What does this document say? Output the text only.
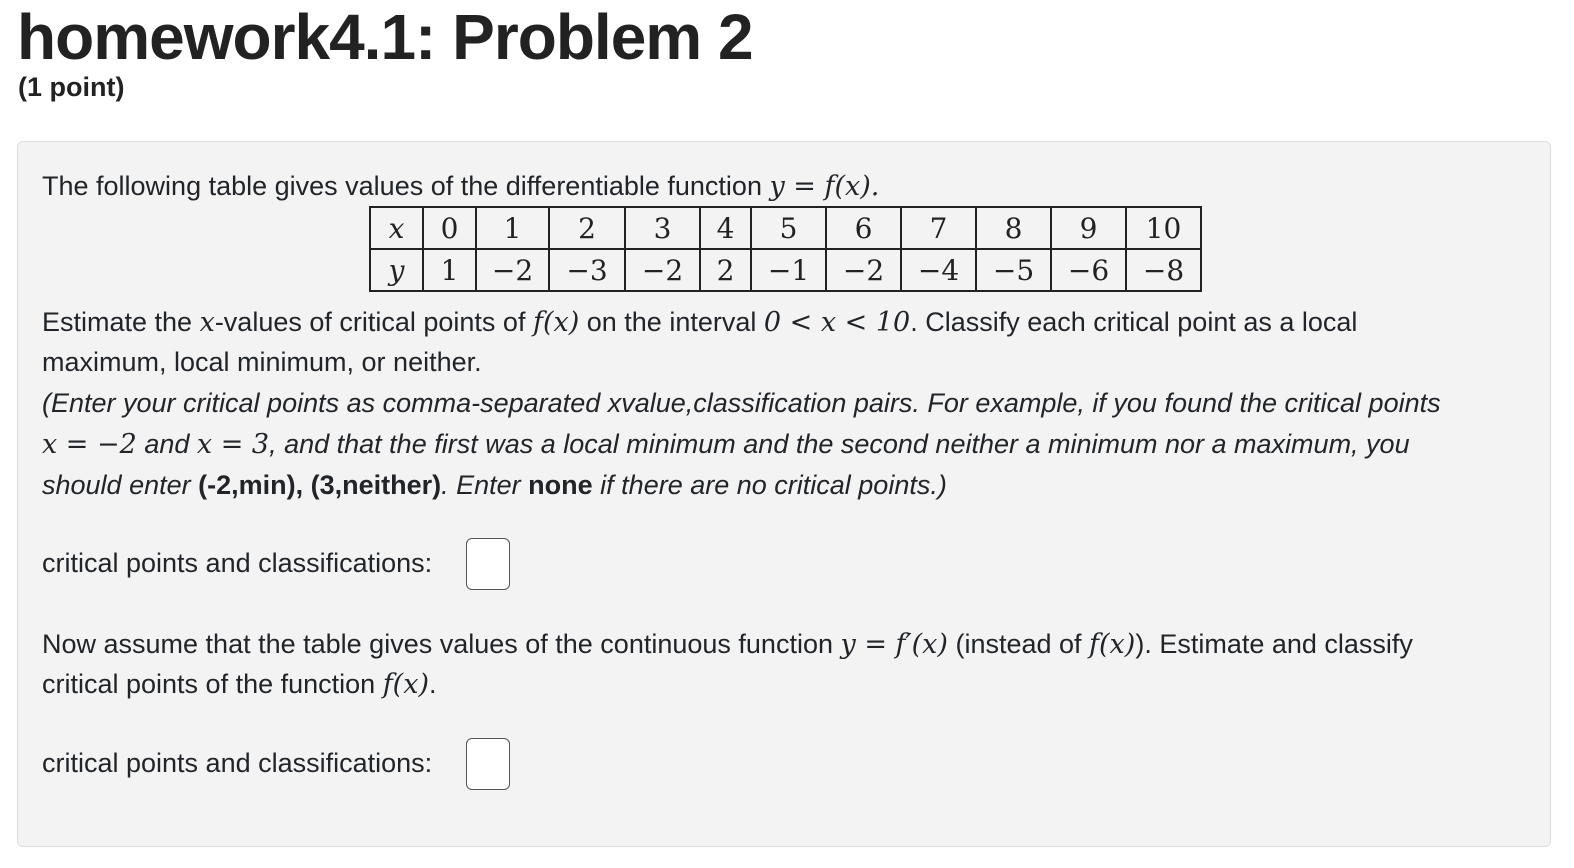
homework4.1: Problem 2
(1 point)
The following table gives values of the differentiable function y = f(x).
x	0	1	2	3	4	5	6	7	8	9	10
y	1	−2	−3	−2	2	−1	−2	−4	−5	−6	−8
Estimate the x-values of critical points of f(x) on the interval 0 < x < 10. Classify each critical point as a local
maximum, local minimum, or neither.
(Enter your critical points as comma-separated xvalue,classification pairs. For example, if you found the critical points
x = −2 and x = 3, and that the first was a local minimum and the second neither a minimum nor a maximum, you
should enter (-2,min), (3,neither). Enter none if there are no critical points.)
critical points and classifications:
Now assume that the table gives values of the continuous function y = f′(x) (instead of f(x)). Estimate and classify
critical points of the function f(x).
critical points and classifications:
